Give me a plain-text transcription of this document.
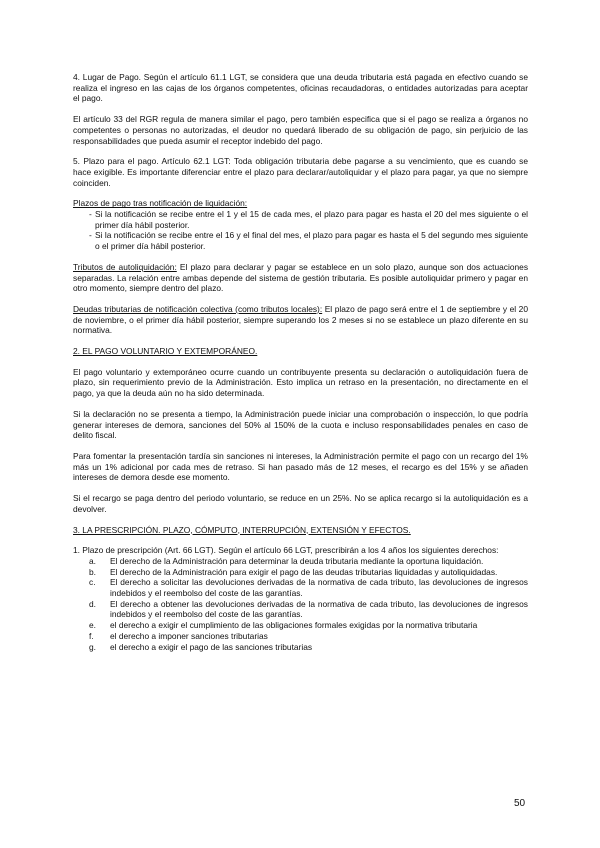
4. Lugar de Pago. Según el artículo 61.1 LGT, se considera que una deuda tributaria está pagada en efectivo cuando se realiza el ingreso en las cajas de los órganos competentes, oficinas recaudadoras, o entidades autorizadas para aceptar el pago.

El artículo 33 del RGR regula de manera similar el pago, pero también especifica que si el pago se realiza a órganos no competentes o personas no autorizadas, el deudor no quedará liberado de su obligación de pago, sin perjuicio de las responsabilidades que pueda asumir el receptor indebido del pago.

5. Plazo para el pago. Artículo 62.1 LGT: Toda obligación tributaria debe pagarse a su vencimiento, que es cuando se hace exigible. Es importante diferenciar entre el plazo para declarar/autoliquidar y el plazo para pagar, ya que no siempre coinciden.

Plazos de pago tras notificación de liquidación:

- Si la notificación se recibe entre el 1 y el 15 de cada mes, el plazo para pagar es hasta el 20 del mes siguiente o el primer día hábil posterior.
- Si la notificación se recibe entre el 16 y el final del mes, el plazo para pagar es hasta el 5 del segundo mes siguiente o el primer día hábil posterior.

Tributos de autoliquidación: El plazo para declarar y pagar se establece en un solo plazo, aunque son dos actuaciones separadas. La relación entre ambas depende del sistema de gestión tributaria. Es posible autoliquidar primero y pagar en otro momento, siempre dentro del plazo.

Deudas tributarias de notificación colectiva (como tributos locales): El plazo de pago será entre el 1 de septiembre y el 20 de noviembre, o el primer día hábil posterior, siempre superando los 2 meses si no se establece un plazo diferente en su normativa.

2. EL PAGO VOLUNTARIO Y EXTEMPORÁNEO.

El pago voluntario y extemporáneo ocurre cuando un contribuyente presenta su declaración o autoliquidación fuera de plazo, sin requerimiento previo de la Administración. Esto implica un retraso en la presentación, no directamente en el pago, ya que la deuda aún no ha sido determinada.

Si la declaración no se presenta a tiempo, la Administración puede iniciar una comprobación o inspección, lo que podría generar intereses de demora, sanciones del 50% al 150% de la cuota e incluso responsabilidades penales en caso de delito fiscal.

Para fomentar la presentación tardía sin sanciones ni intereses, la Administración permite el pago con un recargo del 1% más un 1% adicional por cada mes de retraso. Si han pasado más de 12 meses, el recargo es del 15% y se añaden intereses de demora desde ese momento.

Si el recargo se paga dentro del periodo voluntario, se reduce en un 25%. No se aplica recargo si la autoliquidación es a devolver.

3. LA PRESCRIPCIÓN. PLAZO, CÓMPUTO, INTERRUPCIÓN, EXTENSIÓN Y EFECTOS.

1. Plazo de prescripción (Art. 66 LGT). Según el artículo 66 LGT, prescribirán a los 4 años los siguientes derechos:

a. El derecho de la Administración para determinar la deuda tributaria mediante la oportuna liquidación.
b. El derecho de la Administración para exigir el pago de las deudas tributarias liquidadas y autoliquidadas.
c. El derecho a solicitar las devoluciones derivadas de la normativa de cada tributo, las devoluciones de ingresos indebidos y el reembolso del coste de las garantías.
d. El derecho a obtener las devoluciones derivadas de la normativa de cada tributo, las devoluciones de ingresos indebidos y el reembolso del coste de las garantías.
e. el derecho a exigir el cumplimiento de las obligaciones formales exigidas por la normativa tributaria
f. el derecho a imponer sanciones tributarias
g. el derecho a exigir el pago de las sanciones tributarias
50
